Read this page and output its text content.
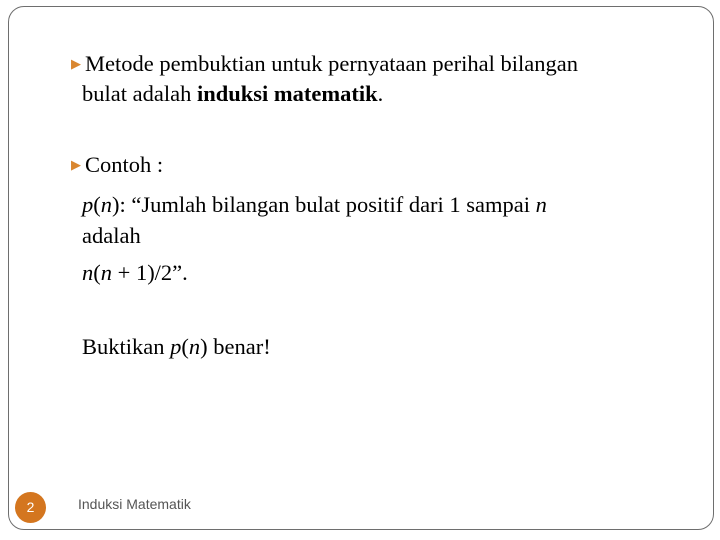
▶ Metode pembuktian untuk pernyataan perihal bilangan
bulat adalah induksi matematik.
▶ Contoh :
p(n): “Jumlah bilangan bulat positif dari 1 sampai n
adalah
n(n + 1)/2”.
Buktikan p(n) benar!
2	Induksi Matematik
